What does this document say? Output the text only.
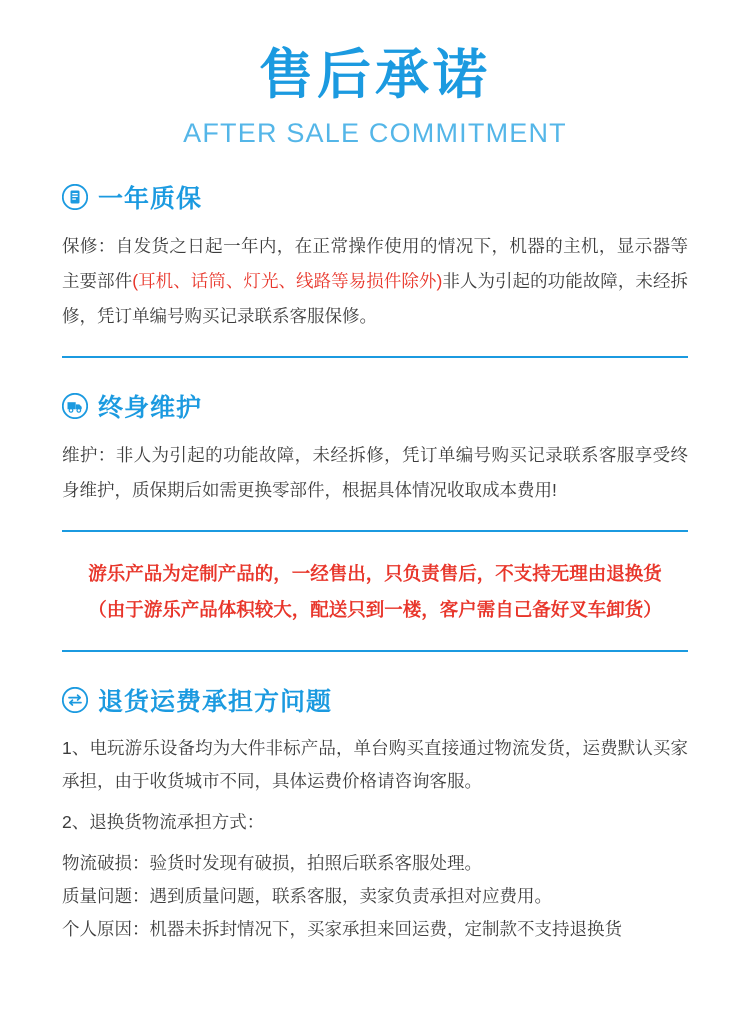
售后承诺
AFTER SALE COMMITMENT
一年质保
保修：自发货之日起一年内，在正常操作使用的情况下，机器的主机，显示器等主要部件(耳机、话筒、灯光、线路等易损件除外)非人为引起的功能故障，未经拆修，凭订单编号购买记录联系客服保修。
终身维护
维护：非人为引起的功能故障，未经拆修，凭订单编号购买记录联系客服享受终身维护，质保期后如需更换零部件，根据具体情况收取成本费用!
游乐产品为定制产品的，一经售出，只负责售后，不支持无理由退换货
（由于游乐产品体积较大，配送只到一楼，客户需自己备好叉车卸货）
退货运费承担方问题
1、电玩游乐设备均为大件非标产品，单台购买直接通过物流发货，运费默认买家承担，由于收货城市不同，具体运费价格请咨询客服。
2、退换货物流承担方式：
物流破损：验货时发现有破损，拍照后联系客服处理。
质量问题：遇到质量问题，联系客服，卖家负责承担对应费用。
个人原因：机器未拆封情况下，买家承担来回运费，定制款不支持退换货
